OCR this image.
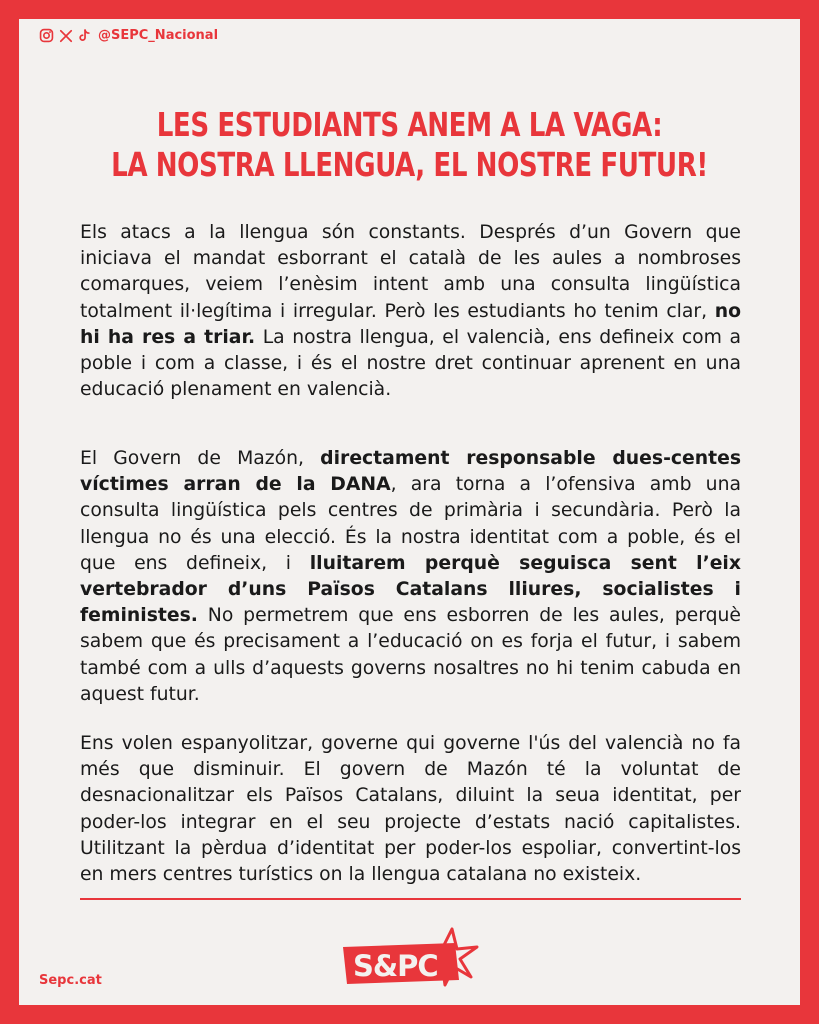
@SEPC_Nacional
LES ESTUDIANTS ANEM A LA VAGA:
LA NOSTRA LLENGUA, EL NOSTRE FUTUR!

Els atacs a la llengua són constants. Després d’un Govern que iniciava el mandat esborrant el català de les aules a nombroses comarques, veiem l’enèsim intent amb una consulta lingüística totalment il·legítima i irregular. Però les estudiants ho tenim clar, no hi ha res a triar. La nostra llengua, el valencià, ens defineix com a poble i com a classe, i és el nostre dret continuar aprenent en una educació plenament en valencià.

El Govern de Mazón, directament responsable dues-centes víctimes arran de la DANA, ara torna a l’ofensiva amb una consulta lingüística pels centres de primària i secundària. Però la llengua no és una elecció. És la nostra identitat com a poble, és el que ens defineix, i lluitarem perquè seguisca sent l’eix vertebrador d’uns Països Catalans lliures, socialistes i feministes. No permetrem que ens esborren de les aules, perquè sabem que és precisament a l’educació on es forja el futur, i sabem també com a ulls d’aquests governs nosaltres no hi tenim cabuda en aquest futur.

Ens volen espanyolitzar, governe qui governe l'ús del valencià no fa més que disminuir. El govern de Mazón té la voluntat de desnacionalitzar els Països Catalans, diluint la seua identitat, per poder-los integrar en el seu projecte d’estats nació capitalistes. Utilitzant la pèrdua d’identitat per poder-los espoliar, convertint-los en mers centres turístics on la llengua catalana no existeix.

Sepc.cat	S&PC
